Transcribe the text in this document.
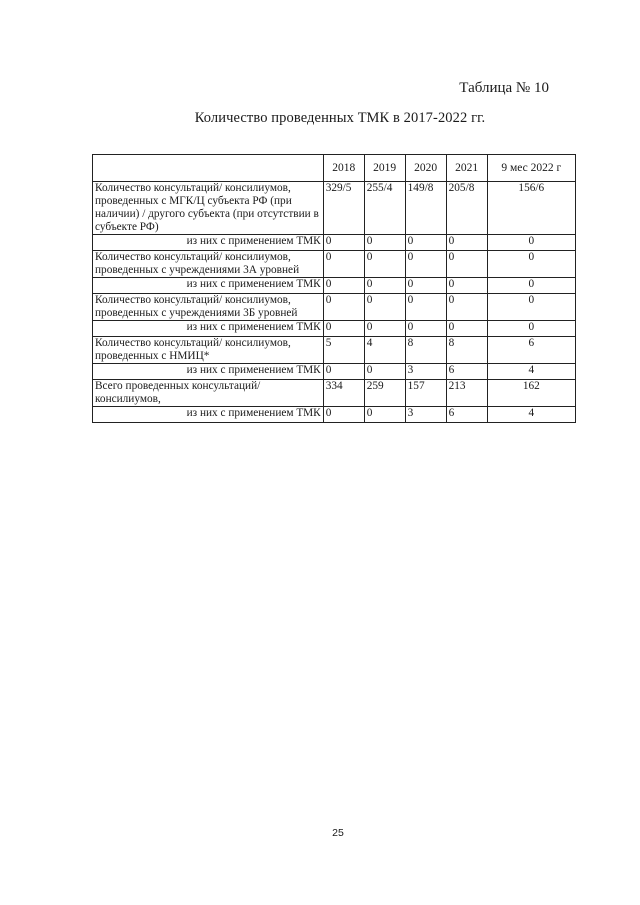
Таблица № 10
Количество проведенных ТМК в 2017-2022 гг.
	2018	2019	2020	2021	9 мес 2022 г
Количество консультаций/ консилиумов, проведенных с МГК/Ц субъекта РФ (при наличии) / другого субъекта (при отсутствии в субъекте РФ)	329/5	255/4	149/8	205/8	156/6
из них с применением ТМК	0	0	0	0	0
Количество консультаций/ консилиумов, проведенных с учреждениями 3А уровней	0	0	0	0	0
из них с применением ТМК	0	0	0	0	0
Количество консультаций/ консилиумов, проведенных с учреждениями 3Б уровней	0	0	0	0	0
из них с применением ТМК	0	0	0	0	0
Количество консультаций/ консилиумов, проведенных с НМИЦ*	5	4	8	8	6
из них с применением ТМК	0	0	3	6	4
Всего проведенных консультаций/ консилиумов,	334	259	157	213	162
из них с применением ТМК	0	0	3	6	4
25
